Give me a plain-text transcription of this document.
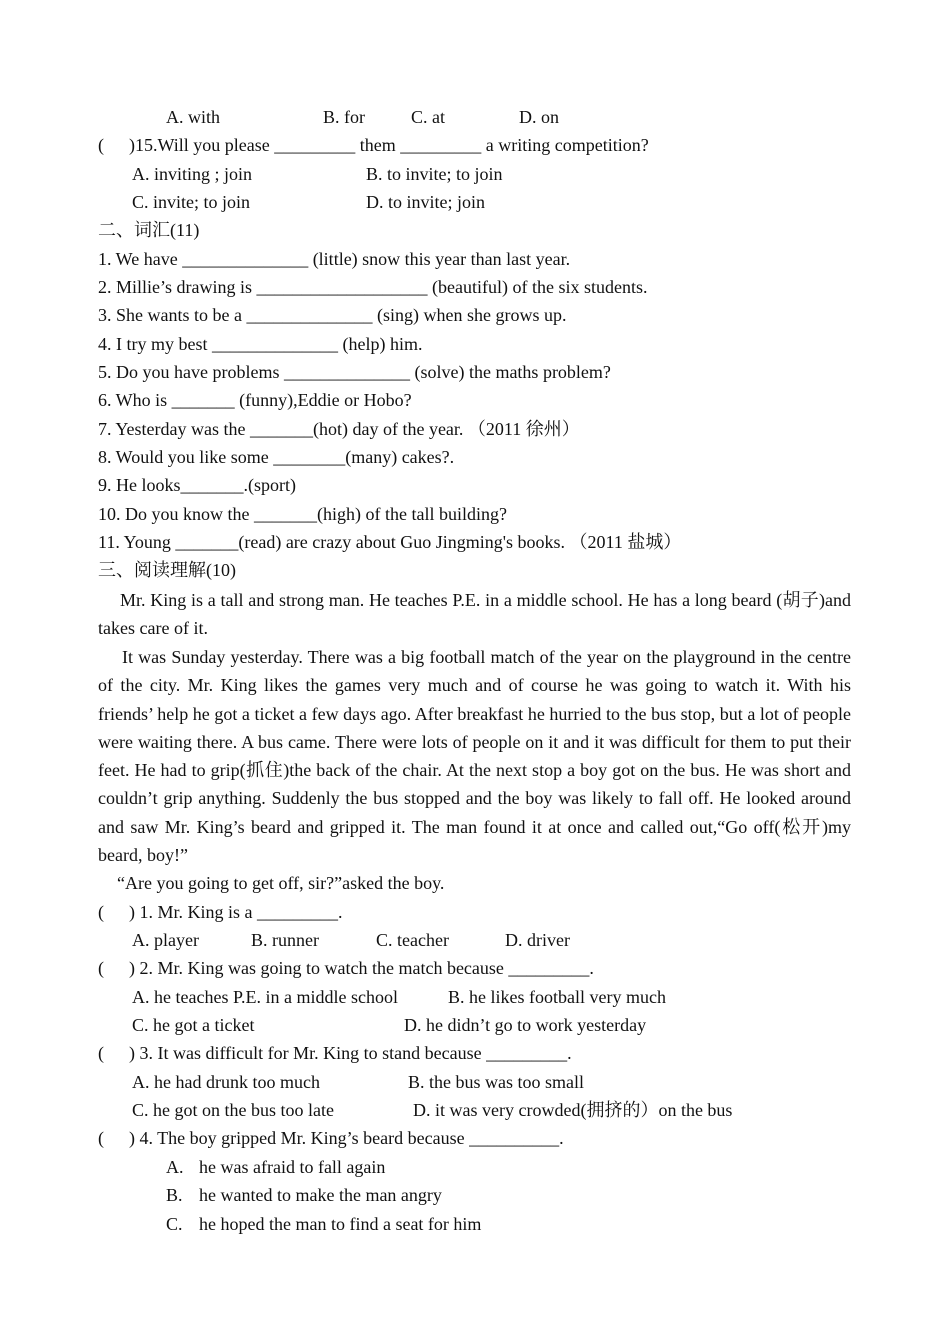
A. with	B. for	C. at	D. on
( )15.Will you please _________ them _________ a writing competition?
A. inviting ; join	B. to invite; to join
C. invite; to join	D. to invite; join
二、词汇(11)
1. We have ______________ (little) snow this year than last year.
2. Millie’s drawing is ___________________ (beautiful) of the six students.
3. She wants to be a ______________ (sing) when she grows up.
4. I try my best ______________ (help) him.
5. Do you have problems ______________ (solve) the maths problem?
6. Who is _______ (funny),Eddie or Hobo?
7. Yesterday was the _______(hot) day of the year. （2011 徐州）
8. Would you like some ________(many) cakes?.
9. He looks_______.(sport)
10. Do you know the _______(high) of the tall building?
11. Young _______(read) are crazy about Guo Jingming's books. （2011 盐城）
三、阅读理解(10)
Mr. King is a tall and strong man. He teaches P.E. in a middle school. He has a long beard (胡子)and takes care of it.
It was Sunday yesterday. There was a big football match of the year on the playground in the centre of the city. Mr. King likes the games very much and of course he was going to watch it. With his friends’ help he got a ticket a few days ago. After breakfast he hurried to the bus stop, but a lot of people were waiting there. A bus came. There were lots of people on it and it was difficult for them to put their feet. He had to grip(抓住)the back of the chair. At the next stop a boy got on the bus. He was short and couldn’t grip anything. Suddenly the bus stopped and the boy was likely to fall off. He looked around and saw Mr. King’s beard and gripped it. The man found it at once and called out,“Go off(松开)my beard, boy!”
“Are you going to get off, sir?”asked the boy.
( ) 1. Mr. King is a _________.
A. player	B. runner	C. teacher	D. driver
( ) 2. Mr. King was going to watch the match because _________.
A. he teaches P.E. in a middle school	B. he likes football very much
C. he got a ticket	D. he didn’t go to work yesterday
( ) 3. It was difficult for Mr. King to stand because _________.
A. he had drunk too much	B. the bus was too small
C. he got on the bus too late	D. it was very crowded(拥挤的）on the bus
( ) 4. The boy gripped Mr. King’s beard because __________.
A. he was afraid to fall again
B. he wanted to make the man angry
C. he hoped the man to find a seat for him
